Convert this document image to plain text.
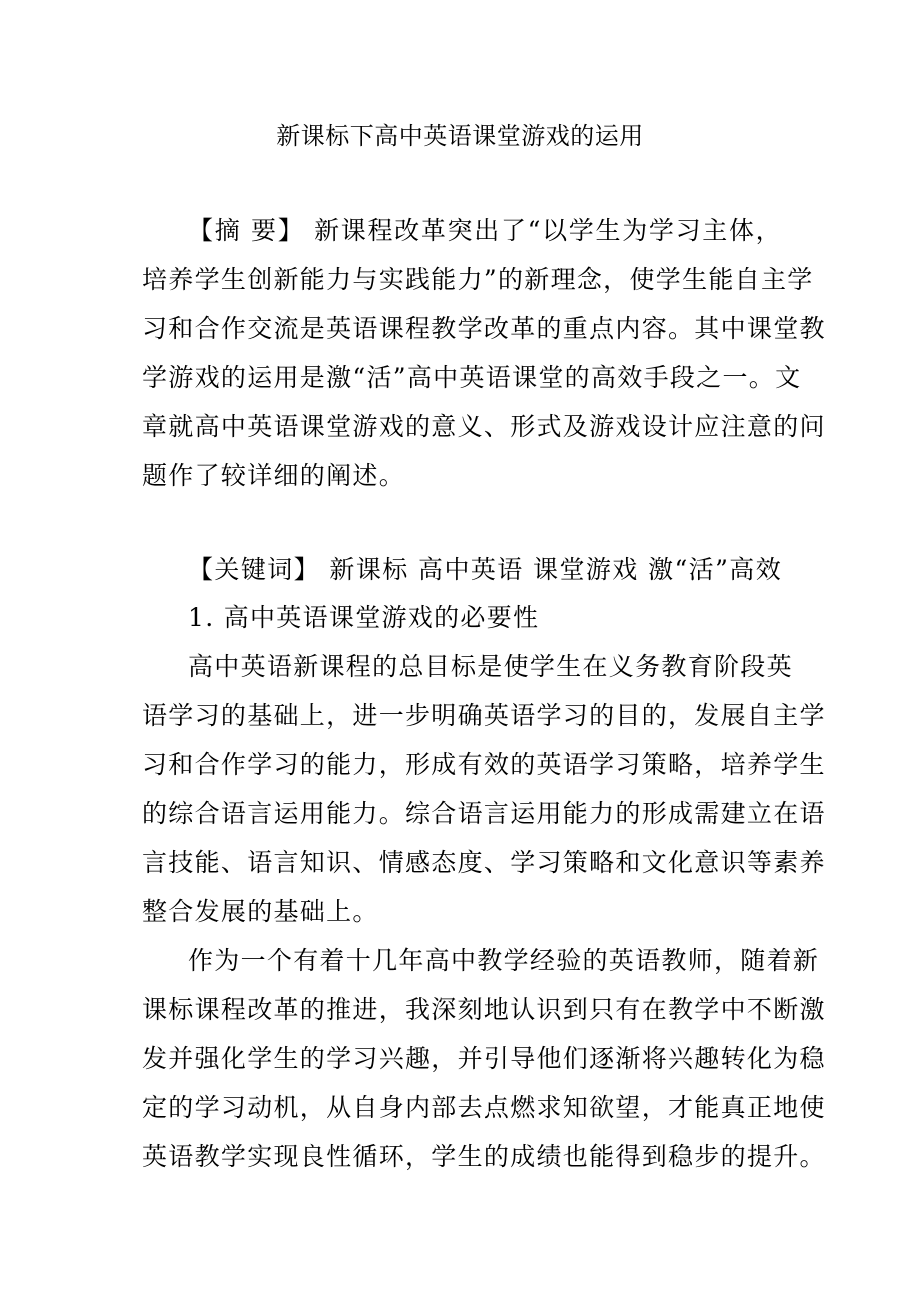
新课标下高中英语课堂游戏的运用
【摘 要】 新课程改革突出了“以学生为学习主体，
培养学生创新能力与实践能力”的新理念，使学生能自主学
习和合作交流是英语课程教学改革的重点内容。其中课堂教
学游戏的运用是激“活”高中英语课堂的高效手段之一。文
章就高中英语课堂游戏的意义、形式及游戏设计应注意的问
题作了较详细的阐述。
【关键词】 新课标 高中英语 课堂游戏 激“活”高效
1. 高中英语课堂游戏的必要性
高中英语新课程的总目标是使学生在义务教育阶段英
语学习的基础上，进一步明确英语学习的目的，发展自主学
习和合作学习的能力，形成有效的英语学习策略，培养学生
的综合语言运用能力。综合语言运用能力的形成需建立在语
言技能、语言知识、情感态度、学习策略和文化意识等素养
整合发展的基础上。
作为一个有着十几年高中教学经验的英语教师，随着新
课标课程改革的推进，我深刻地认识到只有在教学中不断激
发并强化学生的学习兴趣，并引导他们逐渐将兴趣转化为稳
定的学习动机，从自身内部去点燃求知欲望，才能真正地使
英语教学实现良性循环，学生的成绩也能得到稳步的提升。
